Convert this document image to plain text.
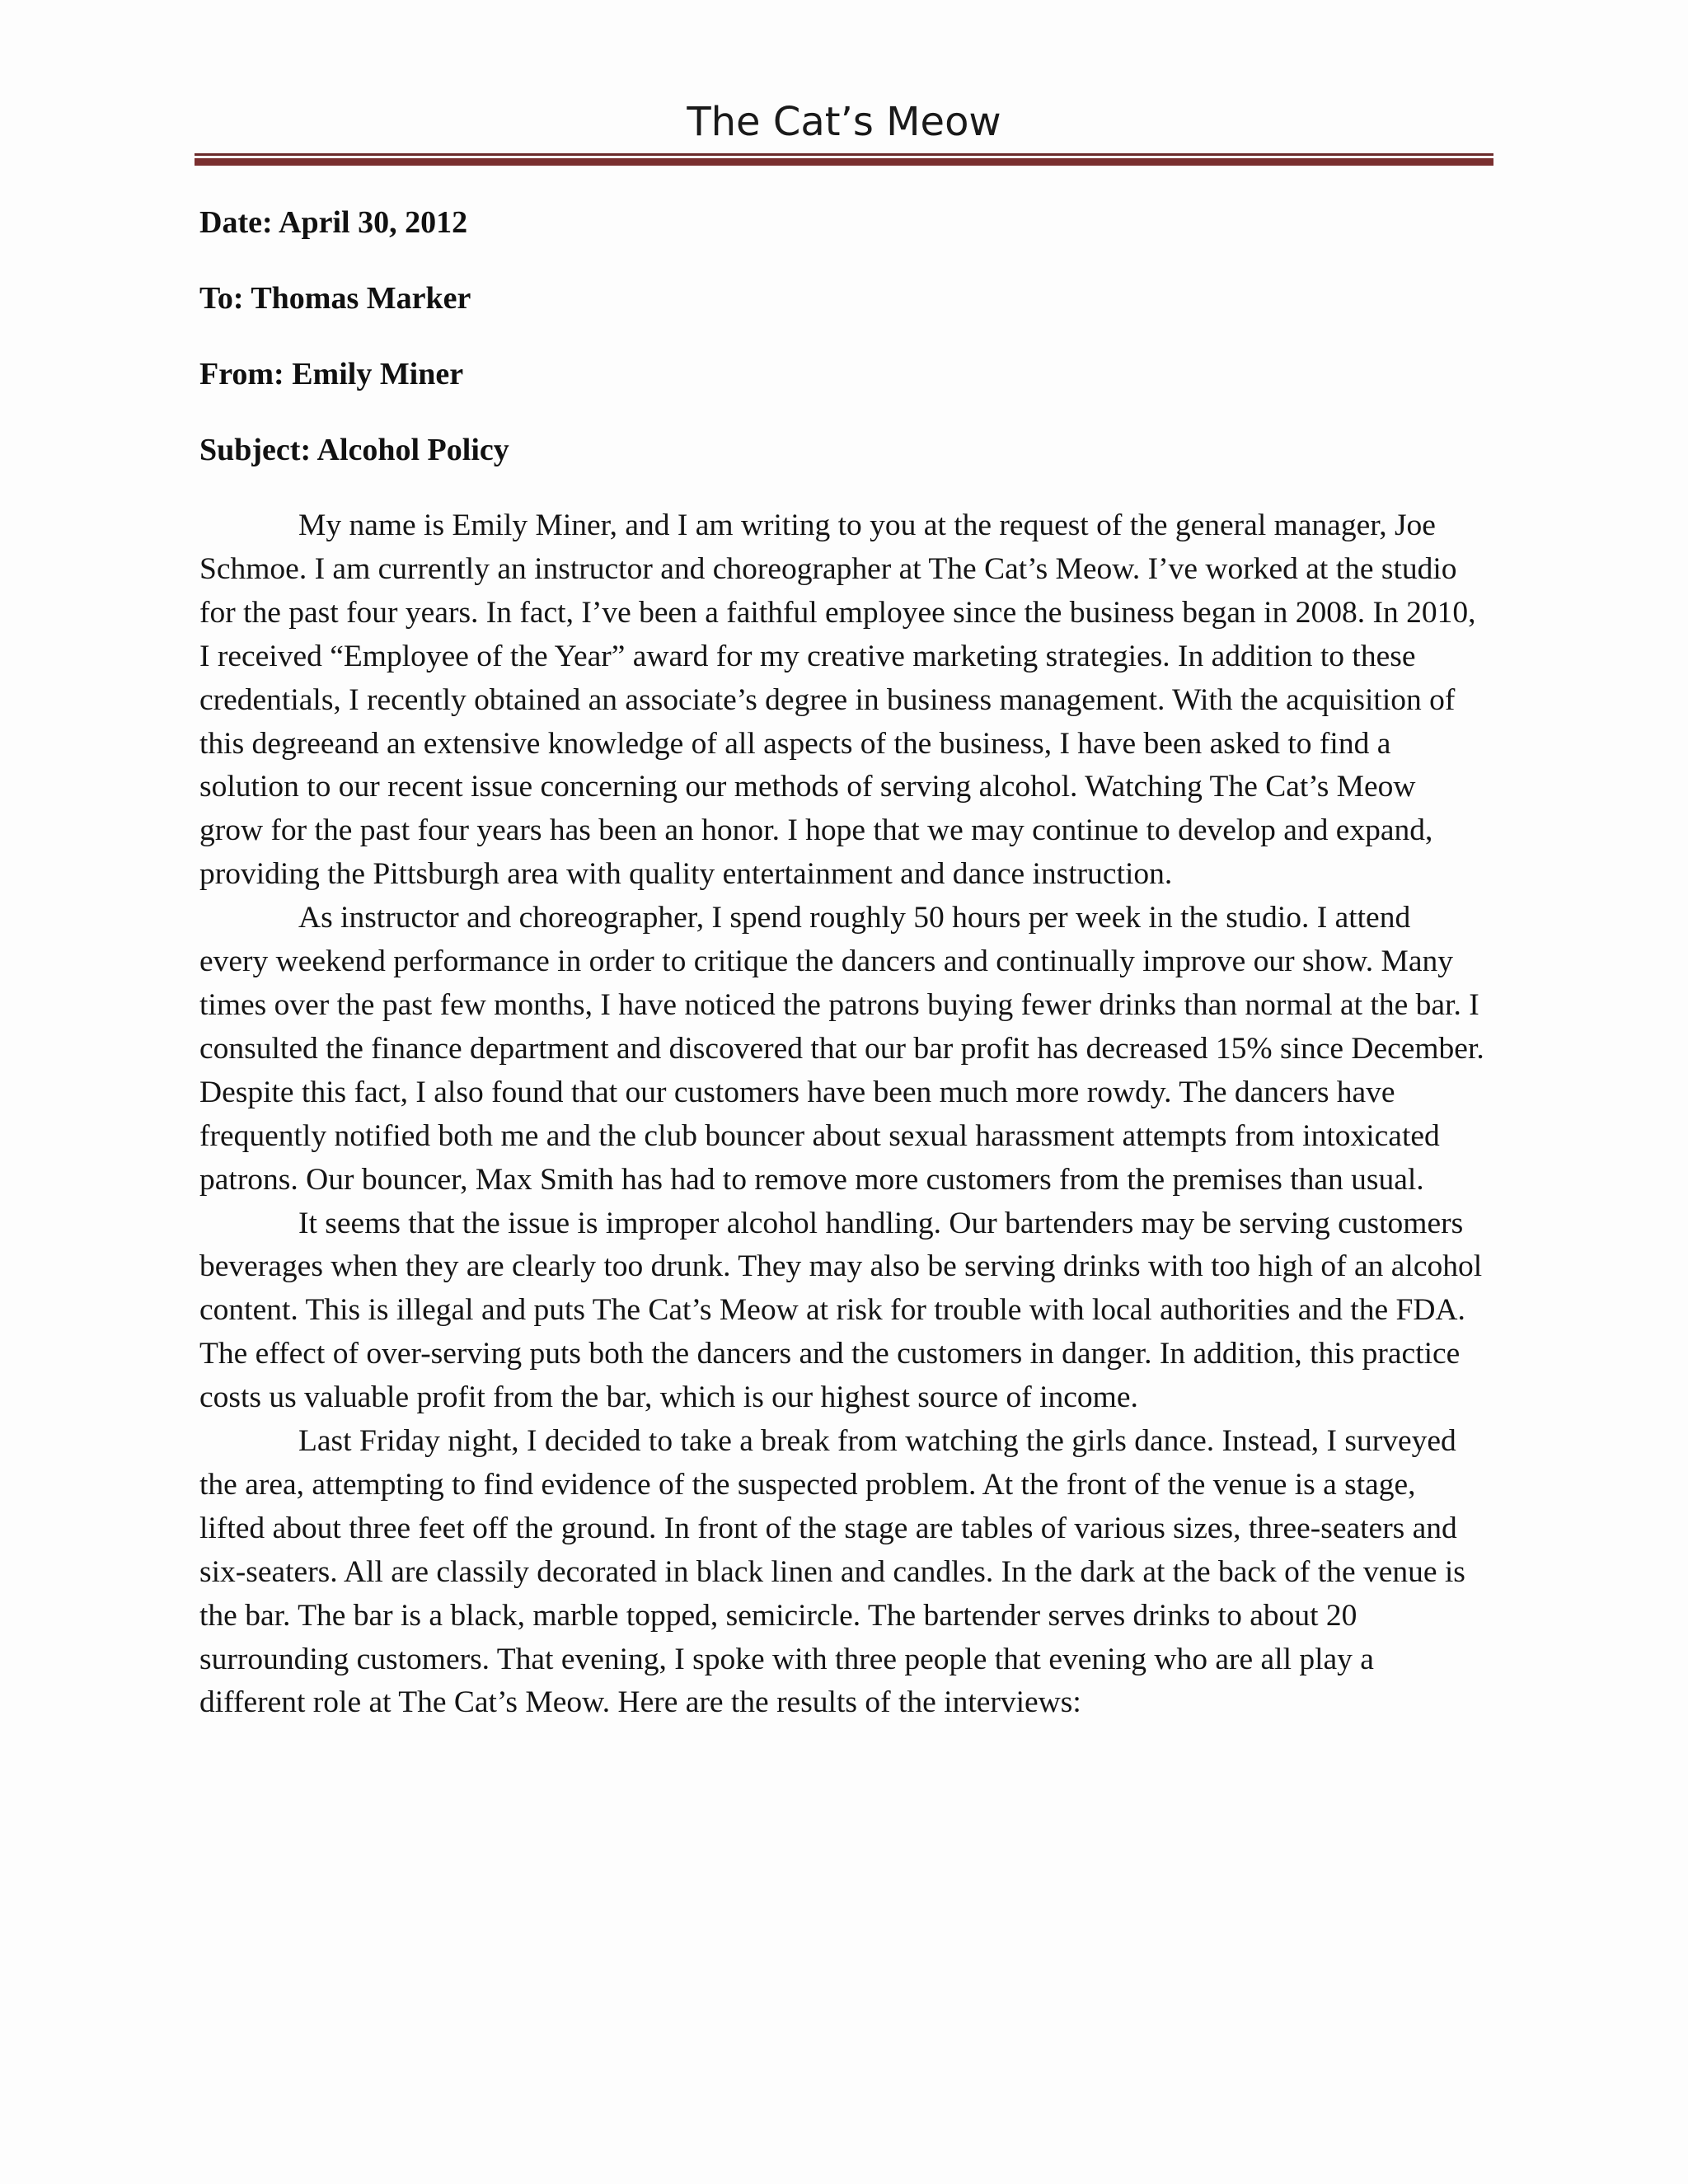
The Cat’s Meow
Date: April 30, 2012
To: Thomas Marker
From: Emily Miner
Subject: Alcohol Policy

My name is Emily Miner, and I am writing to you at the request of the general manager, Joe Schmoe. I am currently an instructor and choreographer at The Cat’s Meow. I’ve worked at the studio for the past four years. In fact, I’ve been a faithful employee since the business began in 2008. In 2010, I received “Employee of the Year” award for my creative marketing strategies. In addition to these credentials, I recently obtained an associate’s degree in business management. With the acquisition of this degreeand an extensive knowledge of all aspects of the business, I have been asked to find a solution to our recent issue concerning our methods of serving alcohol. Watching The Cat’s Meow grow for the past four years has been an honor. I hope that we may continue to develop and expand, providing the Pittsburgh area with quality entertainment and dance instruction.

As instructor and choreographer, I spend roughly 50 hours per week in the studio. I attend every weekend performance in order to critique the dancers and continually improve our show. Many times over the past few months, I have noticed the patrons buying fewer drinks than normal at the bar. I consulted the finance department and discovered that our bar profit has decreased 15% since December. Despite this fact, I also found that our customers have been much more rowdy. The dancers have frequently notified both me and the club bouncer about sexual harassment attempts from intoxicated patrons. Our bouncer, Max Smith has had to remove more customers from the premises than usual.

It seems that the issue is improper alcohol handling. Our bartenders may be serving customers beverages when they are clearly too drunk. They may also be serving drinks with too high of an alcohol content. This is illegal and puts The Cat’s Meow at risk for trouble with local authorities and the FDA. The effect of over-serving puts both the dancers and the customers in danger. In addition, this practice costs us valuable profit from the bar, which is our highest source of income.

Last Friday night, I decided to take a break from watching the girls dance. Instead, I surveyed the area, attempting to find evidence of the suspected problem. At the front of the venue is a stage, lifted about three feet off the ground. In front of the stage are tables of various sizes, three-seaters and six-seaters. All are classily decorated in black linen and candles. In the dark at the back of the venue is the bar. The bar is a black, marble topped, semicircle. The bartender serves drinks to about 20 surrounding customers. That evening, I spoke with three people that evening who are all play a different role at The Cat’s Meow. Here are the results of the interviews:
